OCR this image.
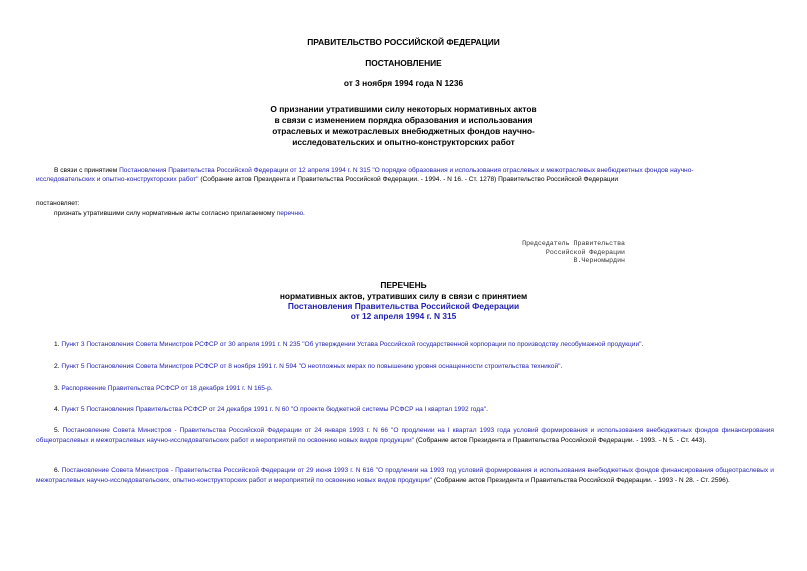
ПРАВИТЕЛЬСТВО РОССИЙСКОЙ ФЕДЕРАЦИИ
ПОСТАНОВЛЕНИЕ
от 3 ноября 1994 года N 1236
О признании утратившими силу некоторых нормативных актов
в связи с изменением порядка образования и использования
отраслевых и межотраслевых внебюджетных фондов научно-
исследовательских и опытно-конструкторских работ
В связи с принятием Постановления Правительства Российской Федерации от 12 апреля 1994 г. N 315 "О порядке образования и использования отраслевых и межотраслевых внебюджетных фондов научно-
исследовательских и опытно-конструкторских работ" (Собрание актов Президента и Правительства Российской Федерации. - 1994. - N 16. - Ст. 1278) Правительство Российской Федерации
постановляет:
признать утратившими силу нормативные акты согласно прилагаемому перечню.
Председатель Правительства
Российской Федерации
В.Черномырдин
ПЕРЕЧЕНЬ
нормативных актов, утративших силу в связи с принятием
Постановления Правительства Российской Федерации
от 12 апреля 1994 г. N 315
1. Пункт 3 Постановления Совета Министров РСФСР от 30 апреля 1991 г. N 235 "Об утверждении Устава Российской государственной корпорации по производству лесобумажной продукции".
2. Пункт 5 Постановления Совета Министров РСФСР от 8 ноября 1991 г. N 594 "О неотложных мерах по повышению уровня оснащенности строительства техникой".
3. Распоряжение Правительства РСФСР от 18 декабря 1991 г. N 165-р.
4. Пункт 5 Постановления Правительства РСФСР от 24 декабря 1991 г. N 60 "О проекте бюджетной системы РСФСР на I квартал 1992 года".
5. Постановление Совета Министров - Правительства Российской Федерации от 24 января 1993 г. N 66 "О продлении на I квартал 1993 года условий формирования и использования внебюджетных фондов финансирования общеотраслевых и межотраслевых научно-исследовательских работ и мероприятий по освоению новых видов продукции" (Собрание актов Президента и Правительства Российской Федерации. - 1993. - N 5. - Ст. 443).
6. Постановление Совета Министров - Правительства Российской Федерации от 29 июня 1993 г. N 616 "О продлении на 1993 год условий формирования и использования внебюджетных фондов финансирования общеотраслевых и межотраслевых научно-исследовательских, опытно-конструкторских работ и мероприятий по освоению новых видов продукции" (Собрание актов Президента и Правительства Российской Федерации. - 1993 - N 28. - Ст. 2596).
